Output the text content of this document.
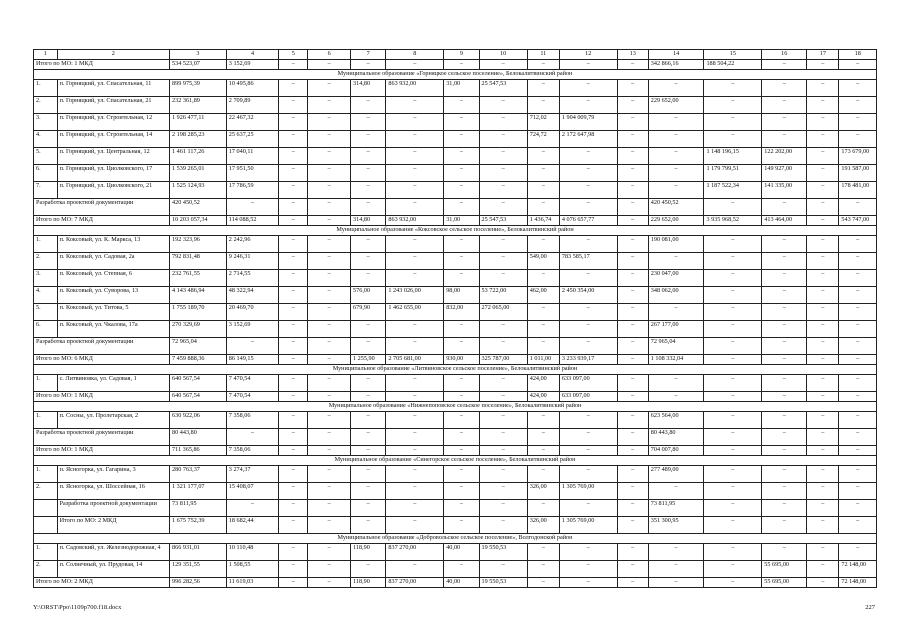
1	2	3	4	5	6	7	8	9	10	11	12	13	14	15	16	17	18
Итого по МО: 1 МКД		534 523,07	3 152,69	–	–	–	–	–	–	–	–	–	342 866,16	188 504,22	–	–	–
Муниципальное образование «Горняцкое сельское поселение», Белокалитвинский район																	
1.	п. Горняцкий, ул. Спасательная, 11	899 975,39	10 495,86	–	–	314,80	863 932,00	31,00	25 547,53	–	–	–	–	–	–	–	–
2.	п. Горняцкий, ул. Спасательная, 21	232 361,89	2 709,89	–	–	–	–	–	–	–	–	–	229 652,00	–	–	–	–
3.	п. Горняцкий, ул. Строительная, 12	1 926 477,11	22 467,32	–	–	–	–	–	–	712,02	1 904 009,79	–	–	–	–	–	–
4.	п. Горняцкий, ул. Строительная, 14	2 198 285,23	25 637,25	–	–	–	–	–	–	724,72	2 172 647,98	–	–	–	–	–	–
5.	п. Горняцкий, ул. Центральная, 12	1 461 117,26	17 040,11	–	–	–	–	–	–	–	–	–	–	1 148 196,15	122 202,00	–	173 679,00
6.	п. Горняцкий, ул. Циолковского, 17	1 539 265,01	17 951,50	–	–	–	–	–	–	–	–	–	–	1 179 799,51	149 927,00	–	191 587,00
7.	п. Горняцкий, ул. Циолковского, 21	1 525 124,93	17 786,59	–	–	–	–	–	–	–	–	–	–	1 187 522,34	141 335,00	–	178 481,00
Разработка проектной документации		420 450,52	–	–	–	–	–	–	–	–	–	–	420 450,52	–	–	–	–
Итого по МО: 7 МКД		10 203 057,34	114 088,52	–	–	314,80	863 932,00	31,00	25 547,53	1 436,74	4 076 657,77	–	229 652,00	3 935 968,52	413 464,00	–	543 747,00
Муниципальное образование «Коксовское сельское поселение», Белокалитвинский район																	
1.	п. Коксовый, ул. К. Маркса, 13	192 323,96	2 242,96	–	–	–	–	–	–	–	–	–	190 081,00	–	–	–	–
2.	п. Коксовый, ул. Садовая, 2а	792 831,48	9 246,31	–	–	–	–	–	–	549,00	783 585,17	–	–	–	–	–	–
3.	п. Коксовый, ул. Степная, 6	232 761,55	2 714,55	–	–	–	–	–	–	–	–	–	230 047,00	–	–	–	–
4.	п. Коксовый, ул. Суворова, 13	4 143 486,94	48 322,94	–	–	576,00	1 243 026,00	98,00	53 722,00	462,00	2 450 354,00	–	348 062,00	–	–	–	–
5.	п. Коксовый, ул. Титова, 5	1 755 189,70	20 469,70	–	–	679,90	1 462 655,00	832,00	272 065,00	–	–	–	–	–	–	–	–
6.	п. Коксовый, ул. Чкалова, 17а	270 329,69	3 152,69	–	–	–	–	–	–	–	–	–	267 177,00	–	–	–	–
Разработка проектной документации		72 965,04	–	–	–	–	–	–	–	–	–	–	72 965,04	–	–	–	–
Итого по МО: 6 МКД		7 459 888,36	86 149,15	–	–	1 255,90	2 705 681,00	930,00	325 787,00	1 011,00	3 233 939,17	–	1 108 332,04	–	–	–	–
Муниципальное образование «Литвиновское сельское поселение», Белокалитвинский район																	
1.	с. Литвиновка, ул. Садовая, 1	640 567,54	7 470,54	–	–	–	–	–	–	424,00	633 097,00	–	–	–	–	–	–
Итого по МО: 1 МКД		640 567,54	7 470,54	–	–	–	–	–	–	424,00	633 097,00	–	–	–	–	–	–
Муниципальное образование «Нижнепоповское сельское поселение», Белокалитвинский район																	
1.	п. Сосны, ул. Пролетарская, 2	630 922,06	7 358,06	–	–	–	–	–	–	–	–	–	623 564,00	–	–	–	–
Разработка проектной документации		80 443,80	–	–	–	–	–	–	–	–	–	–	80 443,80	–	–	–	–
Итого по МО: 1 МКД		711 365,86	7 358,06	–	–	–	–	–	–	–	–	–	704 007,80	–	–	–	–
Муниципальное образование «Синегорское сельское поселение», Белокалитвинский район																	
1.	п. Ясногорка, ул. Гагарина, 3	280 763,37	3 274,37	–	–	–	–	–	–	–	–	–	277 489,00	–	–	–	–
2.	п. Ясногорка, ул. Шоссейная, 16	1 321 177,07	15 408,07	–	–	–	–	–	–	326,00	1 305 769,00	–	–	–	–	–	–
	Разработка проектной документации	73 811,95	–	–	–	–	–	–	–	–	–	–	73 811,95	–	–	–	–
	Итого по МО: 2 МКД	1 675 752,39	18 682,44	–	–	–	–	–	–	326,00	1 305 769,00	–	351 300,95	–	–	–	–
Муниципальное образование «Добровольское сельское поселение», Волгодонской район																	
1.	п. Садовский, ул. Железнодорожная, 4	866 931,01	10 110,48	–	–	118,90	837 270,00	40,00	19 550,53	–	–	–	–	–	–	–	–
2.	п. Солнечный, ул. Прудовая, 14	129 351,55	1 508,55	–	–	–	–	–	–	–	–	–	–	–	55 695,00	–	72 148,00
Итого по МО: 2 МКД		996 282,56	11 619,03	–	–	118,90	837 270,00	40,00	19 550,53	–	–	–	–	–	55 695,00	–	72 148,00
Y:\ORST\Ppo\1109p700.f18.docx	227
